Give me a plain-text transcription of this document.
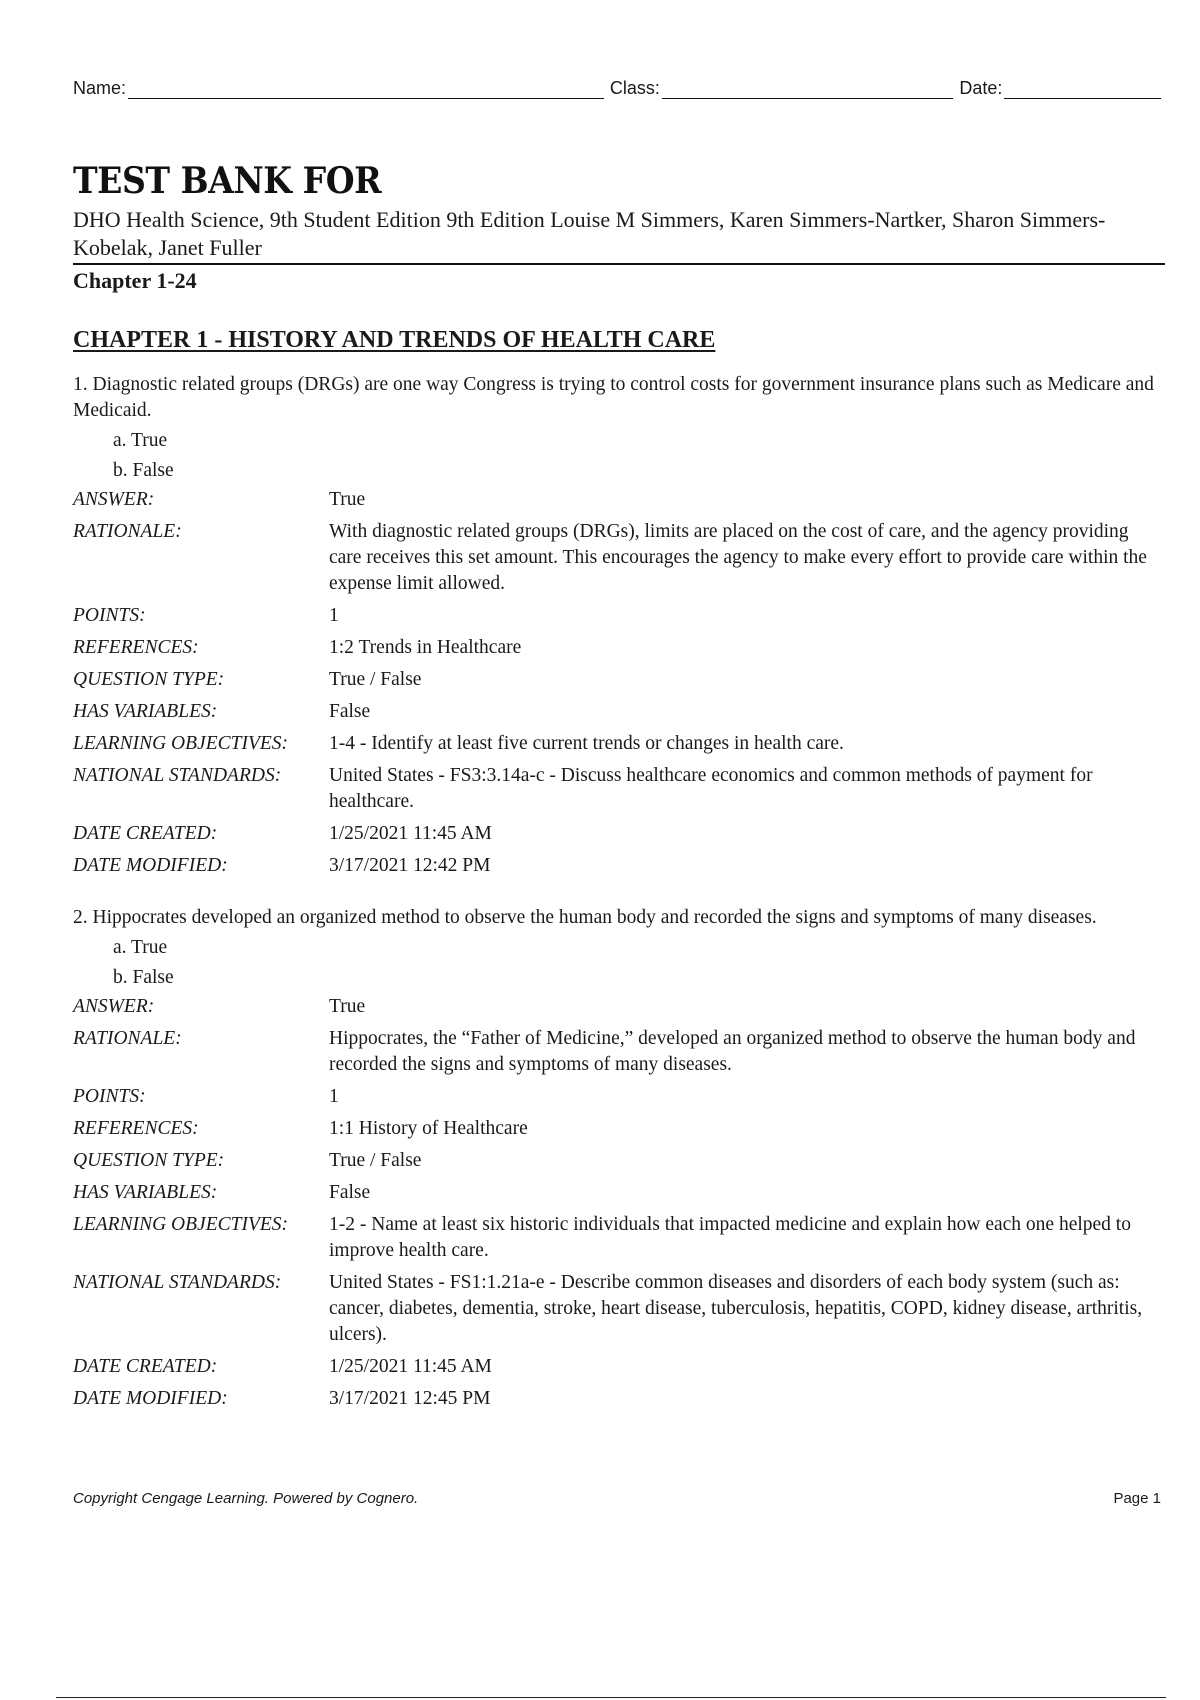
Name:	Class:	Date:
TEST BANK FOR
DHO Health Science, 9th Student Edition 9th Edition Louise M Simmers, Karen Simmers-Nartker, Sharon Simmers-Kobelak, Janet Fuller
Chapter 1-24
CHAPTER 1 - HISTORY AND TRENDS OF HEALTH CARE
1. Diagnostic related groups (DRGs) are one way Congress is trying to control costs for government insurance plans such as Medicare and Medicaid.
a. True
b. False
ANSWER:	True
RATIONALE:	With diagnostic related groups (DRGs), limits are placed on the cost of care, and the agency providing care receives this set amount. This encourages the agency to make every effort to provide care within the expense limit allowed.
POINTS:	1
REFERENCES:	1:2 Trends in Healthcare
QUESTION TYPE:	True / False
HAS VARIABLES:	False
LEARNING OBJECTIVES:	1-4 - Identify at least five current trends or changes in health care.
NATIONAL STANDARDS:	United States - FS3:3.14a-c - Discuss healthcare economics and common methods of payment for healthcare.
DATE CREATED:	1/25/2021 11:45 AM
DATE MODIFIED:	3/17/2021 12:42 PM
2. Hippocrates developed an organized method to observe the human body and recorded the signs and symptoms of many diseases.
a. True
b. False
ANSWER:	True
RATIONALE:	Hippocrates, the “Father of Medicine,” developed an organized method to observe the human body and recorded the signs and symptoms of many diseases.
POINTS:	1
REFERENCES:	1:1 History of Healthcare
QUESTION TYPE:	True / False
HAS VARIABLES:	False
LEARNING OBJECTIVES:	1-2 - Name at least six historic individuals that impacted medicine and explain how each one helped to improve health care.
NATIONAL STANDARDS:	United States - FS1:1.21a-e - Describe common diseases and disorders of each body system (such as: cancer, diabetes, dementia, stroke, heart disease, tuberculosis, hepatitis, COPD, kidney disease, arthritis, ulcers).
DATE CREATED:	1/25/2021 11:45 AM
DATE MODIFIED:	3/17/2021 12:45 PM
Copyright Cengage Learning. Powered by Cognero.	Page 1
